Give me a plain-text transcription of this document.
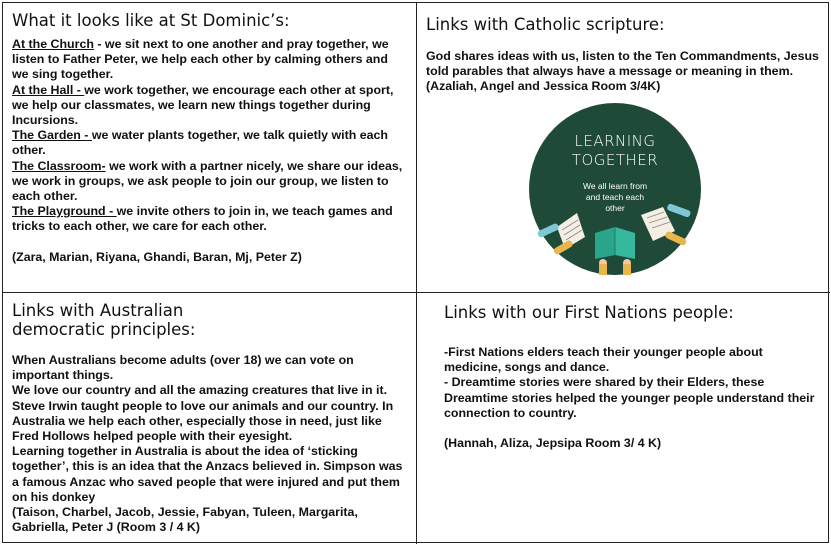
What it looks like at St Dominic’s:
At the Church - we sit next to one another and pray together, we listen to Father Peter, we help each other by calming others and we sing together.
At the Hall - we work together, we encourage each other at sport, we help our classmates, we learn new things together during
Incursions.
The Garden - we water plants together, we talk quietly with each
other.
The Classroom- we work with a partner nicely, we share our ideas, we work in groups, we ask people to join our group, we listen to each other.
The Playground - we invite others to join in, we teach games and tricks to each other, we care for each other.
(Zara, Marian, Riyana, Ghandi, Baran, Mj, Peter Z)
Links with Catholic scripture:
God shares ideas with us, listen to the Ten Commandments, Jesus told parables that always have a message or meaning in them. (Azaliah, Angel and Jessica Room 3/4K)
LEARNING
TOGETHER
We all learn from
and teach each
other
Links with Australian
democratic principles:
When Australians become adults (over 18) we can vote on important things.
We love our country and all the amazing creatures that live in it. Steve Irwin taught people to love our animals and our country. In Australia we help each other, especially those in need, just like Fred Hollows helped people with their eyesight.
Learning together in Australia is about the idea of ‘sticking together’, this is an idea that the Anzacs believed in. Simpson was a famous Anzac who saved people that were injured and put them on his donkey
(Taison, Charbel, Jacob, Jessie, Fabyan, Tuleen, Margarita, Gabriella, Peter J (Room 3 / 4 K)
Links with our First Nations people:
-First Nations elders teach their younger people about medicine, songs and dance.
- Dreamtime stories were shared by their Elders, these Dreamtime stories helped the younger people understand their connection to country.
(Hannah, Aliza, Jepsipa Room 3/ 4 K)
